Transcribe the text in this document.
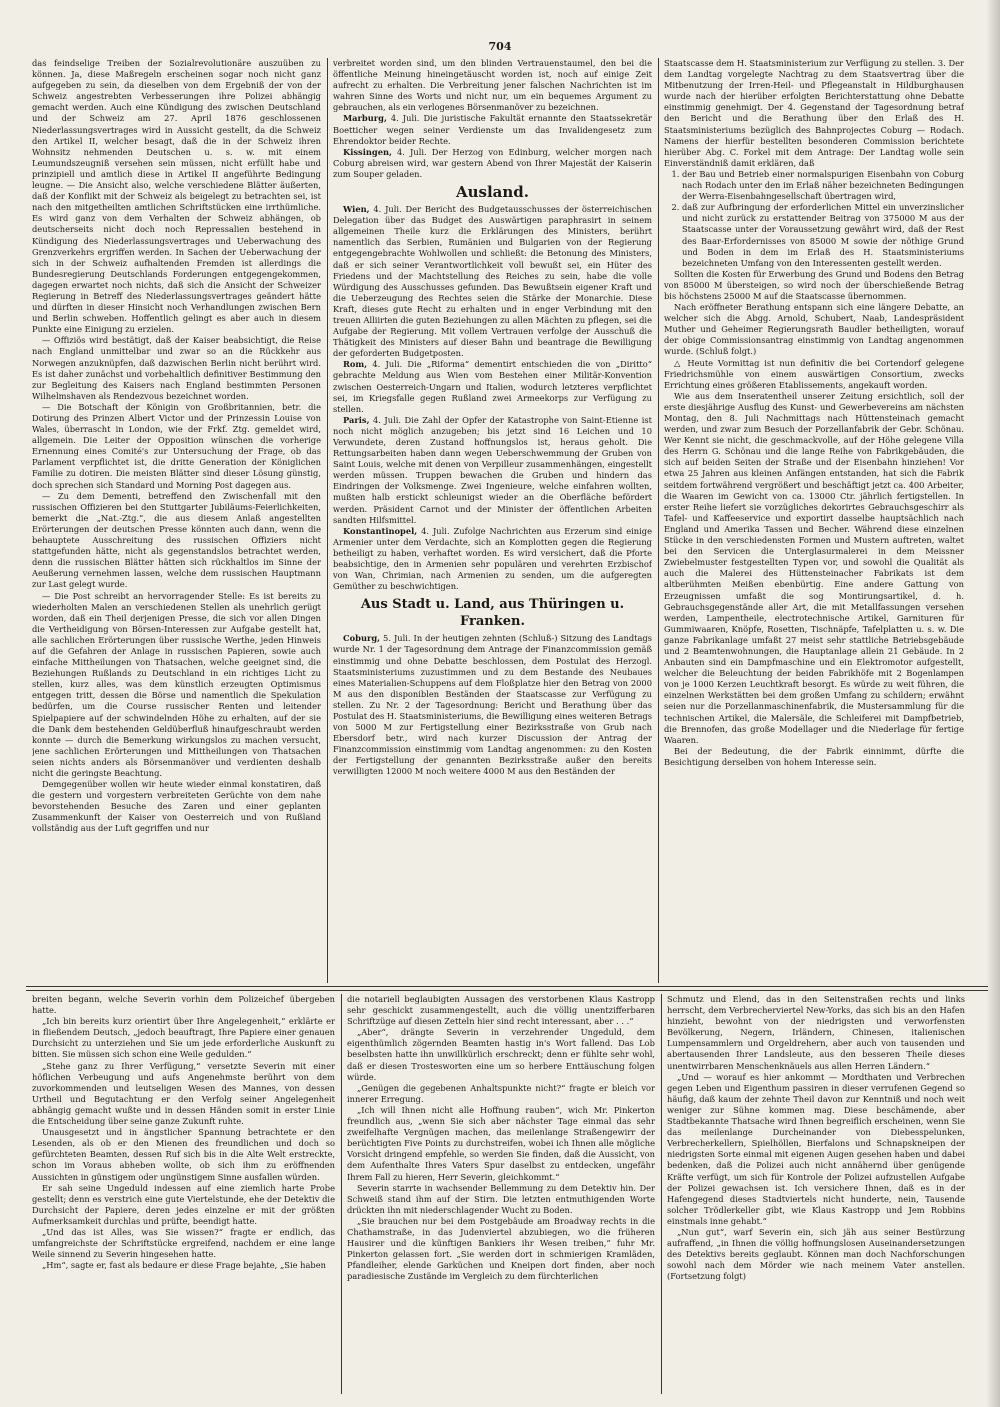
704

das feindselige Treiben der Sozialrevolutionäre auszuüben zu können. Ja, diese Maßregeln erscheinen sogar noch nicht ganz aufgegeben zu sein, da dieselben von dem Ergebniß der von der Schweiz angestrebten Verbesserungen ihre Polizei abhängig gemacht werden. Auch eine Kündigung des zwischen Deutschland und der Schweiz am 27. April 1876 geschlossenen Niederlassungsvertrages wird in Aussicht gestellt, da die Schweiz den Artikel II, welcher besagt, daß die in der Schweiz ihren Wohnsitz nehmenden Deutschen u. s. w. mit einem Leumundszeugniß versehen sein müssen, nicht erfüllt habe und prinzipiell und amtlich diese in Artikel II angeführte Bedingung leugne. — Die Ansicht also, welche verschiedene Blätter äußerten, daß der Konflikt mit der Schweiz als beigelegt zu betrachten sei, ist nach den mitgetheilten amtlichen Schriftstücken eine irrthümliche. Es wird ganz von dem Verhalten der Schweiz abhängen, ob deutscherseits nicht doch noch Repressalien bestehend in Kündigung des Niederlassungsvertrages und Ueberwachung des Grenzverkehrs ergriffen werden. In Sachen der Ueberwachung der sich in der Schweiz aufhaltenden Fremden ist allerdings die Bundesregierung Deutschlands Forderungen entgegengekommen, dagegen erwartet noch nichts, daß sich die Ansicht der Schweizer Regierung in Betreff des Niederlassungsvertrages geändert hätte und dürften in dieser Hinsicht noch Verhandlungen zwischen Bern und Berlin schweben. Hoffentlich gelingt es aber auch in diesem Punkte eine Einigung zu erzielen.

— Offiziös wird bestätigt, daß der Kaiser beabsichtigt, die Reise nach England unmittelbar und zwar so an die Rückkehr aus Norwegen anzuknüpfen, daß dazwischen Berlin nicht berührt wird. Es ist daher zunächst und vorbehaltlich definitiver Bestimmung den zur Begleitung des Kaisers nach England bestimmten Personen Wilhelmshaven als Rendezvous bezeichnet worden.

— Die Botschaft der Königin von Großbritannien, betr. die Dotirung des Prinzen Albert Victor und der Prinzessin Louise von Wales, überrascht in London, wie der Frkf. Ztg. gemeldet wird, allgemein. Die Leiter der Opposition wünschen die vorherige Ernennung eines Comité's zur Untersuchung der Frage, ob das Parlament verpflichtet ist, die dritte Generation der Königlichen Familie zu dotiren. Die meisten Blätter sind dieser Lösung günstig, doch sprechen sich Standard und Morning Post dagegen aus.

— Zu dem Dementi, betreffend den Zwischenfall mit den russischen Offizieren bei den Stuttgarter Jubiläums-Feierlichkeiten, bemerkt die „Nat.-Ztg.“, die aus diesem Anlaß angestellten Erörterungen der deutschen Presse könnten auch dann, wenn die behauptete Ausschreitung des russischen Offiziers nicht stattgefunden hätte, nicht als gegenstandslos betrachtet werden, denn die russischen Blätter hätten sich rückhaltlos im Sinne der Aeußerung vernehmen lassen, welche dem russischen Hauptmann zur Last gelegt wurde.

— Die Post schreibt an hervorragender Stelle: Es ist bereits zu wiederholten Malen an verschiedenen Stellen als unehrlich gerügt worden, daß ein Theil derjenigen Presse, die sich vor allen Dingen die Vertheidigung von Börsen-Interessen zur Aufgabe gestellt hat, alle sachlichen Erörterungen über russische Werthe, jeden Hinweis auf die Gefahren der Anlage in russischen Papieren, sowie auch einfache Mittheilungen von Thatsachen, welche geeignet sind, die Beziehungen Rußlands zu Deutschland in ein richtiges Licht zu stellen, kurz alles, was dem künstlich erzeugten Optimismus entgegen tritt, dessen die Börse und namentlich die Spekulation bedürfen, um die Course russischer Renten und leitender Spielpapiere auf der schwindelnden Höhe zu erhalten, auf der sie die Dank dem bestehenden Geldüberfluß hinaufgeschraubt werden konnte — durch die Bemerkung wirkungslos zu machen versucht, jene sachlichen Erörterungen und Mittheilungen von Thatsachen seien nichts anders als Börsenmanöver und verdienten deshalb nicht die geringste Beachtung.

Demgegenüber wollen wir heute wieder einmal konstatiren, daß die gestern und vorgestern verbreiteten Gerüchte von dem nahe bevorstehenden Besuche des Zaren und einer geplanten Zusammenkunft der Kaiser von Oesterreich und von Rußland vollständig aus der Luft gegriffen und nur

verbreitet worden sind, um den blinden Vertrauenstaumel, den bei die öffentliche Meinung hineingetäuscht worden ist, noch auf einige Zeit aufrecht zu erhalten. Die Verbreitung jener falschen Nachrichten ist im wahren Sinne des Worts und nicht nur, um ein bequemes Argument zu gebrauchen, als ein verlogenes Börsenmanöver zu bezeichnen.

Marburg, 4. Juli. Die juristische Fakultät ernannte den Staatssekretär Boetticher wegen seiner Verdienste um das Invalidengesetz zum Ehrendoktor beider Rechte.

Kissingen, 4. Juli. Der Herzog von Edinburg, welcher morgen nach Coburg abreisen wird, war gestern Abend von Ihrer Majestät der Kaiserin zum Souper geladen.

Ausland.

Wien, 4. Juli. Der Bericht des Budgetausschusses der österreichischen Delegation über das Budget des Auswärtigen paraphrasirt in seinem allgemeinen Theile kurz die Erklärungen des Ministers, berührt namentlich das Serbien, Rumänien und Bulgarien von der Regierung entgegengebrachte Wohlwollen und schließt: die Betonung des Ministers, daß er sich seiner Verantwortlichkeit voll bewußt sei, ein Hüter des Friedens und der Machtstellung des Reiches zu sein, habe die volle Würdigung des Ausschusses gefunden. Das Bewußtsein eigener Kraft und die Ueberzeugung des Rechtes seien die Stärke der Monarchie. Diese Kraft, dieses gute Recht zu erhalten und in enger Verbindung mit den treuen Alliirten die guten Beziehungen zu allen Mächten zu pflegen, sei die Aufgabe der Regierung. Mit vollem Vertrauen verfolge der Ausschuß die Thätigkeit des Ministers auf dieser Bahn und beantrage die Bewilligung der geforderten Budgetposten.

Rom, 4. Juli. Die „Riforma“ dementirt entschieden die von „Diritto“ gebrachte Meldung aus Wien vom Bestehen einer Militär-Konvention zwischen Oesterreich-Ungarn und Italien, wodurch letzteres verpflichtet sei, im Kriegsfalle gegen Rußland zwei Armeekorps zur Verfügung zu stellen.

Paris, 4. Juli. Die Zahl der Opfer der Katastrophe von Saint-Etienne ist noch nicht möglich anzugeben; bis jetzt sind 16 Leichen und 10 Verwundete, deren Zustand hoffnungslos ist, heraus geholt. Die Rettungsarbeiten haben dann wegen Ueberschwemmung der Gruben von Saint Louis, welche mit denen von Verpilleur zusammenhängen, eingestellt werden müssen. Truppen bewachen die Gruben und hindern das Eindringen der Volksmenge. Zwei Ingenieure, welche einfahren wollten, mußten halb erstickt schleunigst wieder an die Oberfläche befördert werden. Präsident Carnot und der Minister der öffentlichen Arbeiten sandten Hilfsmittel.

Konstantinopel, 4. Juli. Zufolge Nachrichten aus Erzerum sind einige Armenier unter dem Verdachte, sich an Komplotten gegen die Regierung betheiligt zu haben, verhaftet worden. Es wird versichert, daß die Pforte beabsichtige, den in Armenien sehr populären und verehrten Erzbischof von Wan, Chrimian, nach Armenien zu senden, um die aufgeregten Gemüther zu beschwichtigen.

Aus Stadt u. Land, aus Thüringen u. Franken.

Coburg, 5. Juli. In der heutigen zehnten (Schluß-) Sitzung des Landtags wurde Nr. 1 der Tagesordnung dem Antrage der Finanzcommission gemäß einstimmig und ohne Debatte beschlossen, dem Postulat des Herzogl. Staatsministeriums zuzustimmen und zu dem Bestande des Neubaues eines Materialien-Schuppens auf dem Floßplatze hier den Betrag von 2000 M aus den disponiblen Beständen der Staatscasse zur Verfügung zu stellen. Zu Nr. 2 der Tagesordnung: Bericht und Berathung über das Postulat des H. Staatsministeriums, die Bewilligung eines weiteren Betrags von 5000 M zur Fertigstellung einer Bezirksstraße von Grub nach Ebersdorf betr., wird nach kurzer Discussion der Antrag der Finanzcommission einstimmig vom Landtag angenommen: zu den Kosten der Fertigstellung der genannten Bezirksstraße außer den bereits verwilligten 12000 M noch weitere 4000 M aus den Beständen der

Staatscasse dem H. Staatsministerium zur Verfügung zu stellen. 3. Der dem Landtag vorgelegte Nachtrag zu dem Staatsvertrag über die Mitbenutzung der Irren-Heil- und Pflegeanstalt in Hildburghausen wurde nach der hierüber erfolgten Berichterstattung ohne Debatte einstimmig genehmigt. Der 4. Gegenstand der Tagesordnung betraf den Bericht und die Berathung über den Erlaß des H. Staatsministeriums bezüglich des Bahnprojectes Coburg — Rodach. Namens der hierfür bestellten besonderen Commission berichtete hierüber Abg. C. Forkel mit dem Antrage: Der Landtag wolle sein Einverständniß damit erklären, daß

1. der Bau und Betrieb einer normalspurigen Eisenbahn von Coburg nach Rodach unter den im Erlaß näher bezeichneten Bedingungen der Werra-Eisenbahngesellschaft übertragen wird,
2. daß zur Aufbringung der erforderlichen Mittel ein unverzinslicher und nicht zurück zu erstattender Beitrag von 375000 M aus der Staatscasse unter der Voraussetzung gewährt wird, daß der Rest des Baar-Erfordernisses von 85000 M sowie der nöthige Grund und Boden in dem im Erlaß des H. Staatsministeriums bezeichneten Umfang von den Interessenten gestellt werden.

Sollten die Kosten für Erwerbung des Grund und Bodens den Betrag von 85000 M übersteigen, so wird noch der überschießende Betrag bis höchstens 25000 M auf die Staatscasse übernommen.

Nach eröffneter Berathung entspann sich eine längere Debatte, an welcher sich die Abgg. Arnold, Schubert, Naab, Landespräsident Muther und Geheimer Regierungsrath Baudler betheiligten, worauf der obige Commissionsantrag einstimmig von Landtag angenommen wurde. (Schluß folgt.)

△ Heute Vormittag ist nun definitiv die bei Cortendorf gelegene Friedrichsmühle von einem auswärtigen Consortium, zwecks Errichtung eines größeren Etablissements, angekauft worden.

Wie aus dem Inseratentheil unserer Zeitung ersichtlich, soll der erste diesjährige Ausflug des Kunst- und Gewerbevereins am nächsten Montag, den 8. Juli Nachmittags nach Hüttensteinach gemacht werden, und zwar zum Besuch der Porzellanfabrik der Gebr. Schönau. Wer Kennt sie nicht, die geschmackvolle, auf der Höhe gelegene Villa des Herrn G. Schönau und die lange Reihe von Fabrikgebäuden, die sich auf beiden Seiten der Straße und der Eisenbahn hinziehen! Vor etwa 25 Jahren aus kleinen Anfängen entstanden, hat sich die Fabrik seitdem fortwährend vergrößert und beschäftigt jetzt ca. 400 Arbeiter, die Waaren im Gewicht von ca. 13000 Ctr. jährlich fertigstellen. In erster Reihe liefert sie vorzügliches dekorirtes Gebrauchsgeschirr als Tafel- und Kaffeeservice und exportirt dasselbe hauptsächlich nach England und Amerika Tassen und Becher. Während diese einzelnen Stücke in den verschiedensten Formen und Mustern auftreten, waltet bei den Servicen die Unterglasurmalerei in dem Meissner Zwiebelmuster festgestellten Typen vor, und sowohl die Qualität als auch die Malerei des Hüttensteinacher Fabrikats ist dem altberühmten Meißen ebenbürtig. Eine andere Gattung von Erzeugnissen umfaßt die sog Montirungsartikel, d. h. Gebrauchsgegenstände aller Art, die mit Metallfassungen versehen werden, Lampentheile, electrotechnische Artikel, Garnituren für Gummiwaaren, Knöpfe, Rosetten, Tischnäpfe, Tafelplatten u. s. w. Die ganze Fabrikanlage umfaßt 27 meist sehr stattliche Betriebsgebäude und 2 Beamtenwohnungen, die Hauptanlage allein 21 Gebäude. In 2 Anbauten sind ein Dampfmaschine und ein Elektromotor aufgestellt, welcher die Beleuchtung der beiden Fabrikhöfe mit 2 Bogenlampen von je 1000 Kerzen Leuchtkraft besorgt. Es würde zu weit führen, die einzelnen Werkstätten bei dem großen Umfang zu schildern; erwähnt seien nur die Porzellanmaschinenfabrik, die Mustersammlung für die technischen Artikel, die Malersäle, die Schleiferei mit Dampfbetrieb, die Brennofen, das große Modellager und die Niederlage für fertige Waaren.

Bei der Bedeutung, die der Fabrik einnimmt, dürfte die Besichtigung derselben von hohem Interesse sein.

breiten begann, welche Severin vorhin dem Polizeichef übergeben hatte.

„Ich bin bereits kurz orientirt über Ihre Angelegenheit,“ erklärte er in fließendem Deutsch, „jedoch beauftragt, Ihre Papiere einer genauen Durchsicht zu unterziehen und Sie um jede erforderliche Auskunft zu bitten. Sie müssen sich schon eine Weile gedulden.“

„Stehe ganz zu Ihrer Verfügung,“ versetzte Severin mit einer höflichen Verbeugung und aufs Angenehmste berührt von dem zuvorkommenden und leutseligen Wesen des Mannes, von dessen Urtheil und Begutachtung er den Verfolg seiner Angelegenheit abhängig gemacht wußte und in dessen Händen somit in erster Linie die Entscheidung über seine ganze Zukunft ruhte.

Unausgesetzt und in ängstlicher Spannung betrachtete er den Lesenden, als ob er den Mienen des freundlichen und doch so gefürchteten Beamten, dessen Ruf sich bis in die Alte Welt erstreckte, schon im Voraus abheben wollte, ob sich ihm zu eröffnenden Aussichten in günstigem oder ungünstigem Sinne ausfallen würden.

Er sah seine Ungeduld indessen auf eine ziemlich harte Probe gestellt; denn es verstrich eine gute Viertelstunde, ehe der Detektiv die Durchsicht der Papiere, deren jedes einzelne er mit der größten Aufmerksamkeit durchlas und prüfte, beendigt hatte.

„Und das ist Alles, was Sie wissen?“ fragte er endlich, das umfangreichste der Schriftstücke ergreifend, nachdem er eine lange Weile sinnend zu Severin hingesehen hatte.

„Hm“, sagte er, fast als bedaure er diese Frage bejahte, „Sie haben

die notariell beglaubigten Aussagen des verstorbenen Klaus Kastropp sehr geschickt zusammengestellt, auch die völlig unentzifferbaren Schriftzüge auf diesen Zetteln hier sind recht interessant, aber . . .“

„Aber“, drängte Severin in verzehrender Ungeduld, dem eigenthümlich zögernden Beamten hastig in's Wort fallend. Das Lob beselbsten hatte ihn unwillkürlich erschreckt; denn er fühlte sehr wohl, daß er diesen Trostesworten eine um so herbere Enttäuschung folgen würde.

„Genügen die gegebenen Anhaltspunkte nicht?“ fragte er bleich vor innerer Erregung.

„Ich will Ihnen nicht alle Hoffnung rauben“, wich Mr. Pinkerton freundlich aus, „wenn Sie sich aber nächster Tage einmal das sehr zweifelhafte Vergnügen machen, das meilenlange Straßengewirr der berüchtigten Five Points zu durchstreifen, wobei ich Ihnen alle mögliche Vorsicht dringend empfehle, so werden Sie finden, daß die Aussicht, von dem Aufenthalte Ihres Vaters Spur daselbst zu entdecken, ungefähr Ihrem Fall zu hieren, Herr Severin, gleichkommt.“

Severin starrte in wachsender Bellemmung zu dem Detektiv hin. Der Schweiß stand ihm auf der Stirn. Die letzten entmuthigenden Worte drückten ihn mit niederschlagender Wucht zu Boden.

„Sie brauchen nur bei dem Postgebäude am Broadway rechts in die Chathamstraße, in das Judenviertel abzubiegen, wo die früheren Hausirer und die künftigen Bankiers ihr Wesen treiben,“ fuhr Mr. Pinkerton gelassen fort. „Sie werden dort in schmierigen Kramläden, Pfandleiher, elende Garküchen und Kneipen dort finden, aber noch paradiesische Zustände im Vergleich zu dem fürchterlichen

Schmutz und Elend, das in den Seitenstraßen rechts und links herrscht, dem Verbrecherviertel New-Yorks, das sich bis an den Hafen hinzieht, bewohnt von der niedrigsten und verworfensten Bevölkerung, Negern, Irländern, Chinesen, italienischen Lumpensammlern und Orgeldrehern, aber auch von tausenden und abertausenden Ihrer Landsleute, aus den besseren Theile dieses unentwirrbaren Menschenknäuels aus allen Herren Ländern.“

„Und — worauf es hier ankommt — Mordthaten und Verbrechen gegen Leben und Eigenthum passiren in dieser verrufenen Gegend so häufig, daß kaum der zehnte Theil davon zur Kenntniß und noch weit weniger zur Sühne kommen mag. Diese beschämende, aber Stadtbekannte Thatsache wird Ihnen begreiflich erscheinen, wenn Sie das meilenlange Durcheinander von Diebesspelunken, Verbrecherkellern, Spielhöllen, Bierfalons und Schnapskneipen der niedrigsten Sorte einmal mit eigenen Augen gesehen haben und dabei bedenken, daß die Polizei auch nicht annähernd über genügende Kräfte verfügt, um sich für Kontrole der Polizei aufzustellen Aufgabe der Polizei gewachsen ist. Ich versichere Ihnen, daß es in der Hafengegend dieses Stadtviertels nicht hunderte, nein, Tausende solcher Trödlerkeller gibt, wie Klaus Kastropp und Jem Robbins einstmals inne gehabt.“

„Nun gut“, warf Severin ein, sich jäh aus seiner Bestürzung aufraffend, „in Ihnen die völlig hoffnungslosen Auseinandersetzungen des Detektivs bereits geglaubt. Können man doch Nachforschungen sowohl nach dem Mörder wie nach meinem Vater anstellen. (Fortsetzung folgt)
